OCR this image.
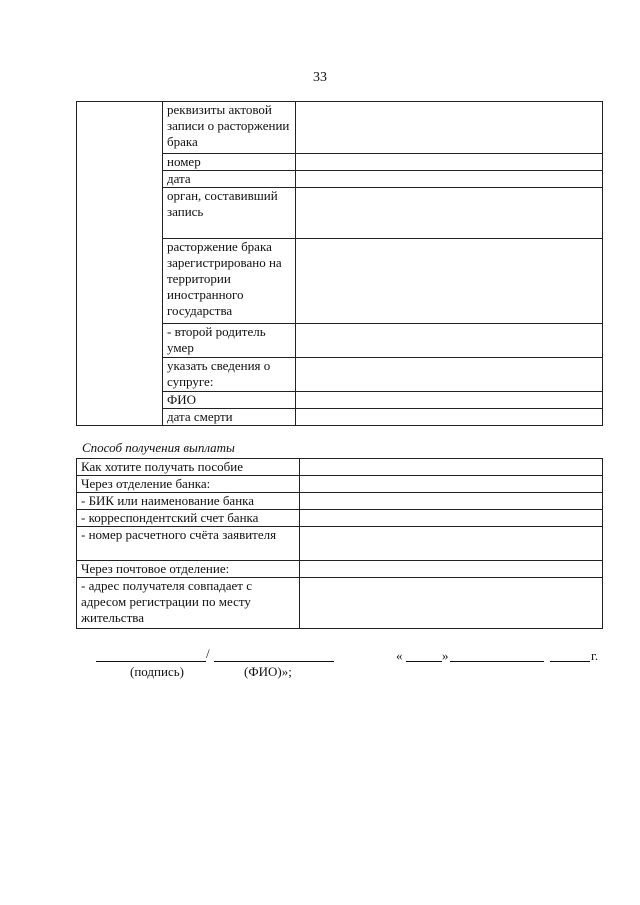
33
	реквизиты актовой записи о расторжении брака	
	номер	
	дата	
	орган, составивший запись	
	расторжение брака зарегистрировано на территории иностранного государства	
	- второй родитель умер	
	указать сведения о супруге:	
	ФИО	
	дата смерти	
Способ получения выплаты
Как хотите получать пособие	
Через отделение банка:	
- БИК или наименование банка	
- корреспондентский счет банка	
- номер расчетного счёта заявителя	
Через почтовое отделение:	
- адрес получателя совпадает с адресом регистрации по месту жительства	
/
(подпись)	(ФИО)»;
«	»	г.
